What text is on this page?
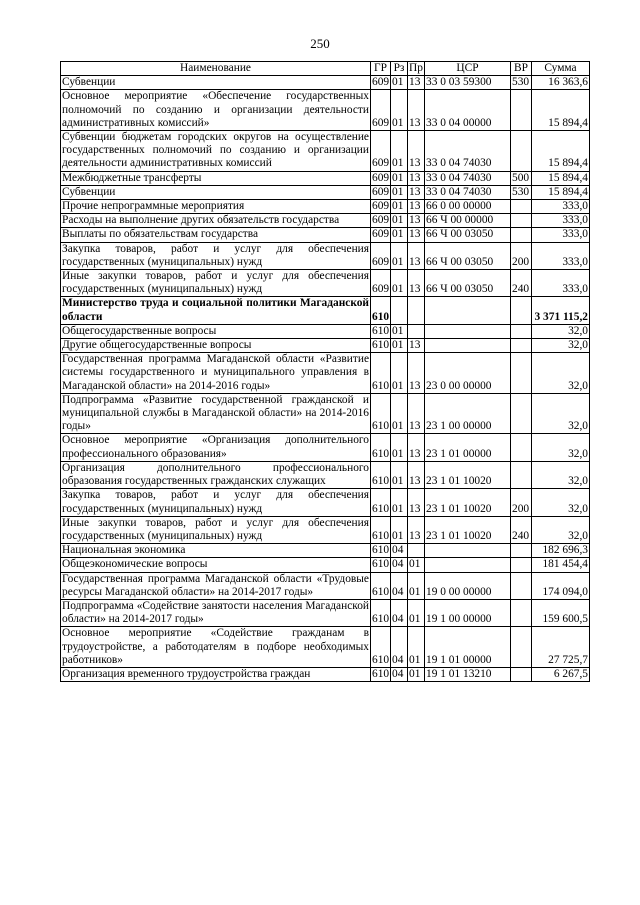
250
Наименование	ГР	Рз	Пр	ЦСР	ВР	Сумма
Субвенции	609	01	13	33 0 03 59300	530	16 363,6
Основное мероприятие «Обеспечение государственных полномочий по созданию и организации деятельности административных комиссий»	609	01	13	33 0 04 00000		15 894,4
Субвенции бюджетам городских округов на осуществление государственных полномочий по созданию и организации деятельности административных комиссий	609	01	13	33 0 04 74030		15 894,4
Межбюджетные трансферты	609	01	13	33 0 04 74030	500	15 894,4
Субвенции	609	01	13	33 0 04 74030	530	15 894,4
Прочие непрограммные мероприятия	609	01	13	66 0 00 00000		333,0
Расходы на выполнение других обязательств государства	609	01	13	66 Ч 00 00000		333,0
Выплаты по обязательствам государства	609	01	13	66 Ч 00 03050		333,0
Закупка товаров, работ и услуг для обеспечения государственных (муниципальных) нужд	609	01	13	66 Ч 00 03050	200	333,0
Иные закупки товаров, работ и услуг для обеспечения государственных (муниципальных) нужд	609	01	13	66 Ч 00 03050	240	333,0
Министерство труда и социальной политики Магаданской области	610					3 371 115,2
Общегосударственные вопросы	610	01				32,0
Другие общегосударственные вопросы	610	01	13			32,0
Государственная программа Магаданской области «Развитие системы государственного и муниципального управления в Магаданской области» на 2014-2016 годы»	610	01	13	23 0 00 00000		32,0
Подпрограмма «Развитие государственной гражданской и муниципальной службы в Магаданской области» на 2014-2016 годы»	610	01	13	23 1 00 00000		32,0
Основное мероприятие «Организация дополнительного профессионального образования»	610	01	13	23 1 01 00000		32,0
Организация дополнительного профессионального образования государственных гражданских служащих	610	01	13	23 1 01 10020		32,0
Закупка товаров, работ и услуг для обеспечения государственных (муниципальных) нужд	610	01	13	23 1 01 10020	200	32,0
Иные закупки товаров, работ и услуг для обеспечения государственных (муниципальных) нужд	610	01	13	23 1 01 10020	240	32,0
Национальная экономика	610	04				182 696,3
Общеэкономические вопросы	610	04	01			181 454,4
Государственная программа Магаданской области «Трудовые ресурсы Магаданской области» на 2014-2017 годы»	610	04	01	19 0 00 00000		174 094,0
Подпрограмма «Содействие занятости населения Магаданской области» на 2014-2017 годы»	610	04	01	19 1 00 00000		159 600,5
Основное мероприятие «Содействие гражданам в трудоустройстве, а работодателям в подборе необходимых работников»	610	04	01	19 1 01 00000		27 725,7
Организация временного трудоустройства граждан	610	04	01	19 1 01 13210		6 267,5
